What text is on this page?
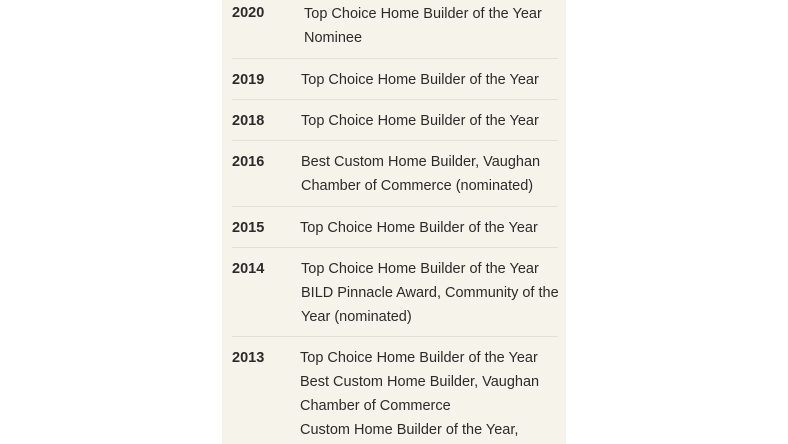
2020	Top Choice Home Builder of the Year
Nominee
2019	Top Choice Home Builder of the Year
2018	Top Choice Home Builder of the Year
2016	Best Custom Home Builder, Vaughan
Chamber of Commerce (nominated)
2015 Top Choice Home Builder of the Year
2014	Top Choice Home Builder of the Year
BILD Pinnacle Award, Community of the
Year (nominated)
2013 Top Choice Home Builder of the Year
Best Custom Home Builder, Vaughan
Chamber of Commerce
Custom Home Builder of the Year,
